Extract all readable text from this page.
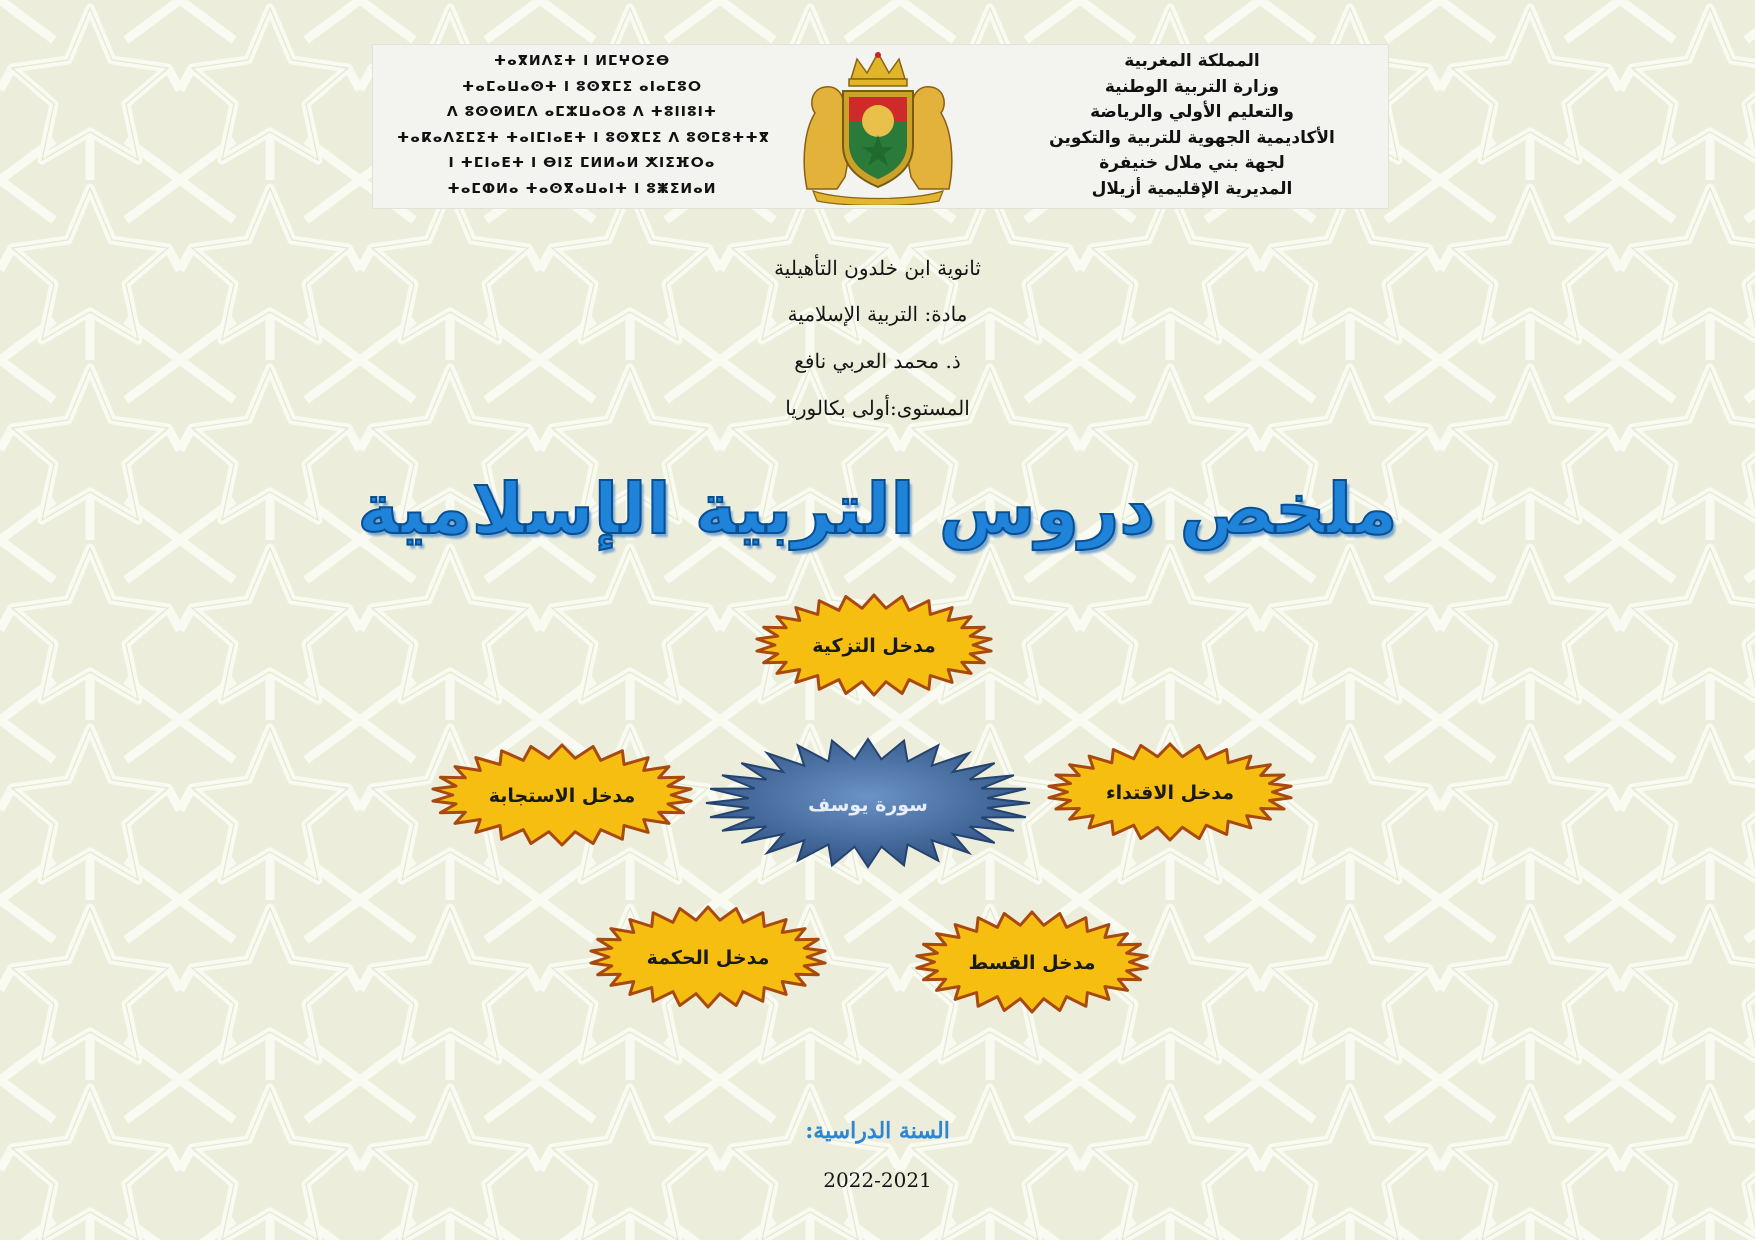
المملكة المغربية
وزارة التربية الوطنية
والتعليم الأولي والرياضة
الأكاديمية الجهوية للتربية والتكوين
لجهة بني ملال خنيفرة
المديرية الإقليمية أزيلال
ⵜⴰⴳⵍⴷⵉⵜ ⵏ ⵍⵎⵖⵔⵉⴱ
ⵜⴰⵎⴰⵡⴰⵙⵜ ⵏ ⵓⵙⴳⵎⵉ ⴰⵏⴰⵎⵓⵔ
ⴷ ⵓⵙⵙⵍⵎⴷ ⴰⵎⵣⵡⴰⵔⵓ ⴷ ⵜⵓⵏⵏⵓⵏⵜ
ⵜⴰⴽⴰⴷⵉⵎⵉⵜ ⵜⴰⵏⵎⵏⴰⴹⵜ ⵏ ⵓⵙⴳⵎⵉ ⴷ ⵓⵙⵎⵓⵜⵜⴳ
ⵏ ⵜⵎⵏⴰⴹⵜ ⵏ ⴱⵏⵉ ⵎⵍⵍⴰⵍ ⵅⵏⵉⴼⵔⴰ
ⵜⴰⵎⵀⵍⴰ ⵜⴰⵙⴳⴰⵡⴰⵏⵜ ⵏ ⵓⵥⵉⵍⴰⵍ
ثانوية ابن خلدون التأهيلية
مادة: التربية الإسلامية
ذ. محمد العربي نافع
المستوى:أولى بكالوريا
ملخص دروس التربية الإسلامية
مدخل التزكية
مدخل الاستجابة	مدخل الاقتداء
مدخل الحكمة	مدخل القسط
سورة يوسف
السنة الدراسية:
2022-2021
